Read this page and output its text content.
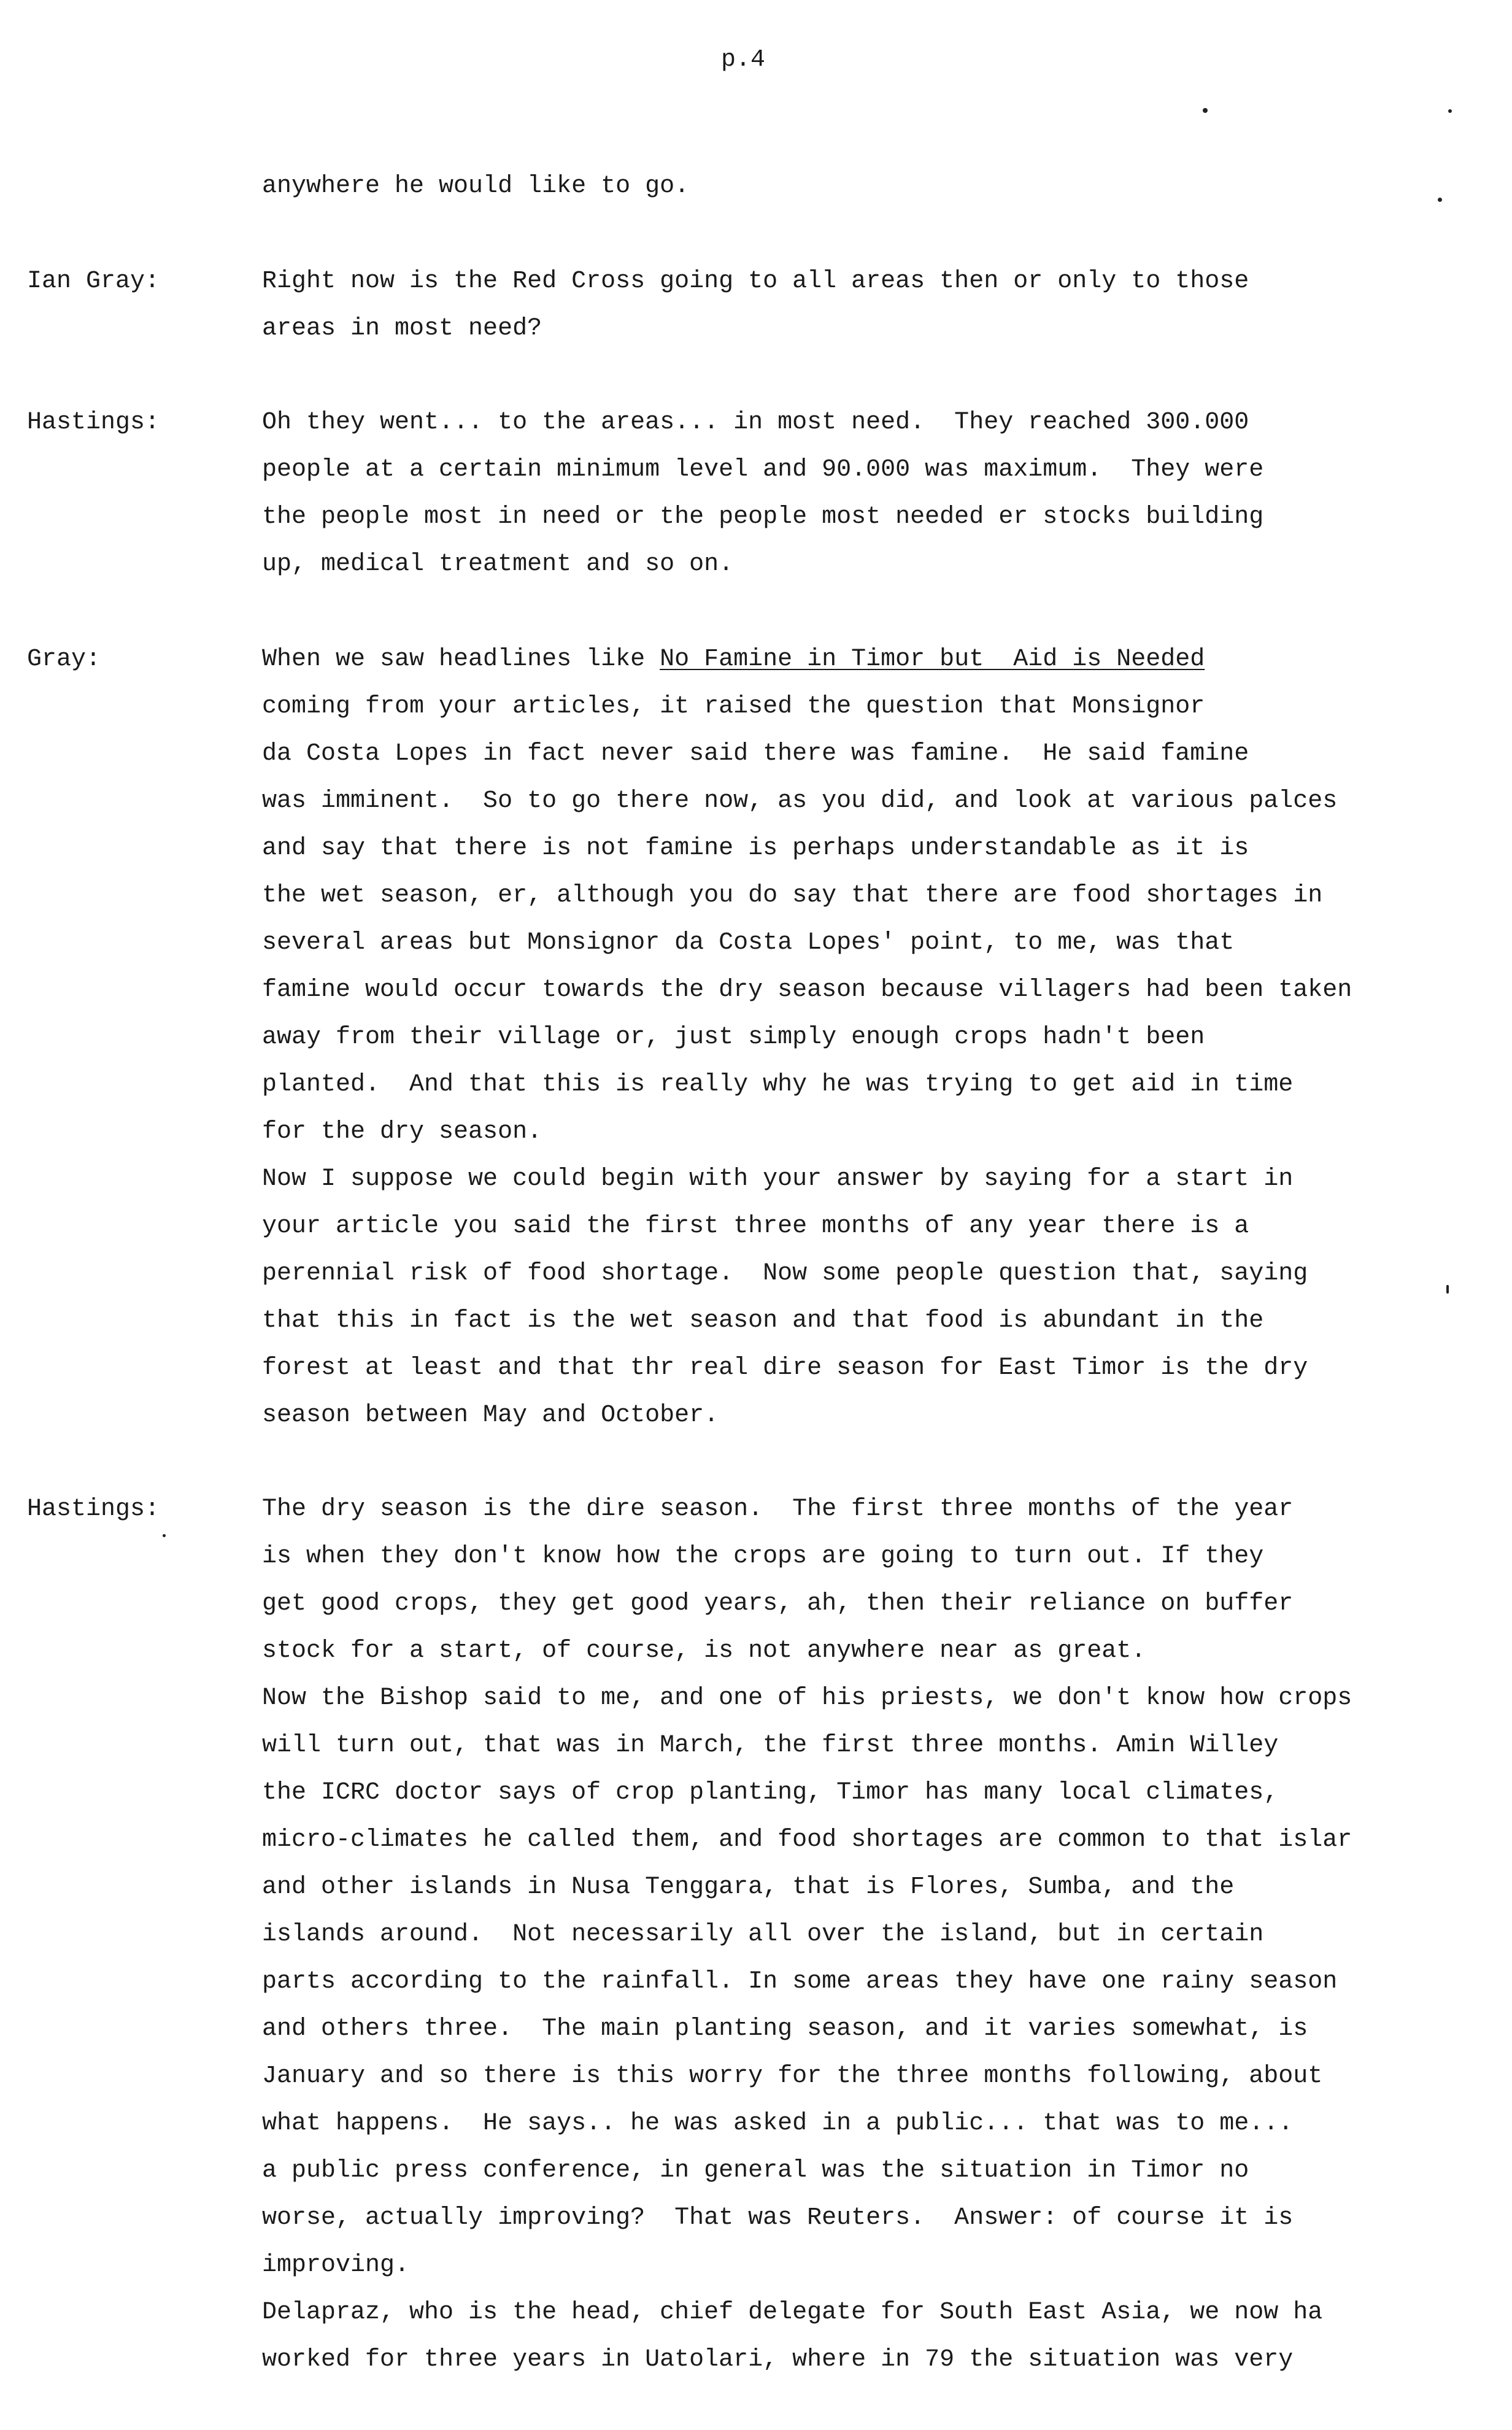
p.4
anywhere he would like to go.
Ian Gray:	Right now is the Red Cross going to all areas then or only to those
areas in most need?
Hastings:	Oh they went... to the areas... in most need.  They reached 300.000
people at a certain minimum level and 90.000 was maximum.  They were
the people most in need or the people most needed er stocks building
up, medical treatment and so on.
Gray:	When we saw headlines like No Famine in Timor but  Aid is Needed
coming from your articles, it raised the question that Monsignor
da Costa Lopes in fact never said there was famine.  He said famine
was imminent.  So to go there now, as you did, and look at various palces
and say that there is not famine is perhaps understandable as it is
the wet season, er, although you do say that there are food shortages in
several areas but Monsignor da Costa Lopes' point, to me, was that
famine would occur towards the dry season because villagers had been taken
away from their village or, just simply enough crops hadn't been
planted.  And that this is really why he was trying to get aid in time
for the dry season.
Now I suppose we could begin with your answer by saying for a start in
your article you said the first three months of any year there is a
perennial risk of food shortage.  Now some people question that, saying
that this in fact is the wet season and that food is abundant in the
forest at least and that thr real dire season for East Timor is the dry
season between May and October.
Hastings:	The dry season is the dire season.  The first three months of the year
is when they don't know how the crops are going to turn out. If they
get good crops, they get good years, ah, then their reliance on buffer
stock for a start, of course, is not anywhere near as great.
Now the Bishop said to me, and one of his priests, we don't know how crops
will turn out, that was in March, the first three months. Amin Willey
the ICRC doctor says of crop planting, Timor has many local climates,
micro-climates he called them, and food shortages are common to that islar
and other islands in Nusa Tenggara, that is Flores, Sumba, and the
islands around.  Not necessarily all over the island, but in certain
parts according to the rainfall. In some areas they have one rainy season
and others three.  The main planting season, and it varies somewhat, is
January and so there is this worry for the three months following, about
what happens.  He says.. he was asked in a public... that was to me...
a public press conference, in general was the situation in Timor no
worse, actually improving?  That was Reuters.  Answer: of course it is
improving.
Delapraz, who is the head, chief delegate for South East Asia, we now ha
worked for three years in Uatolari, where in 79 the situation was very
